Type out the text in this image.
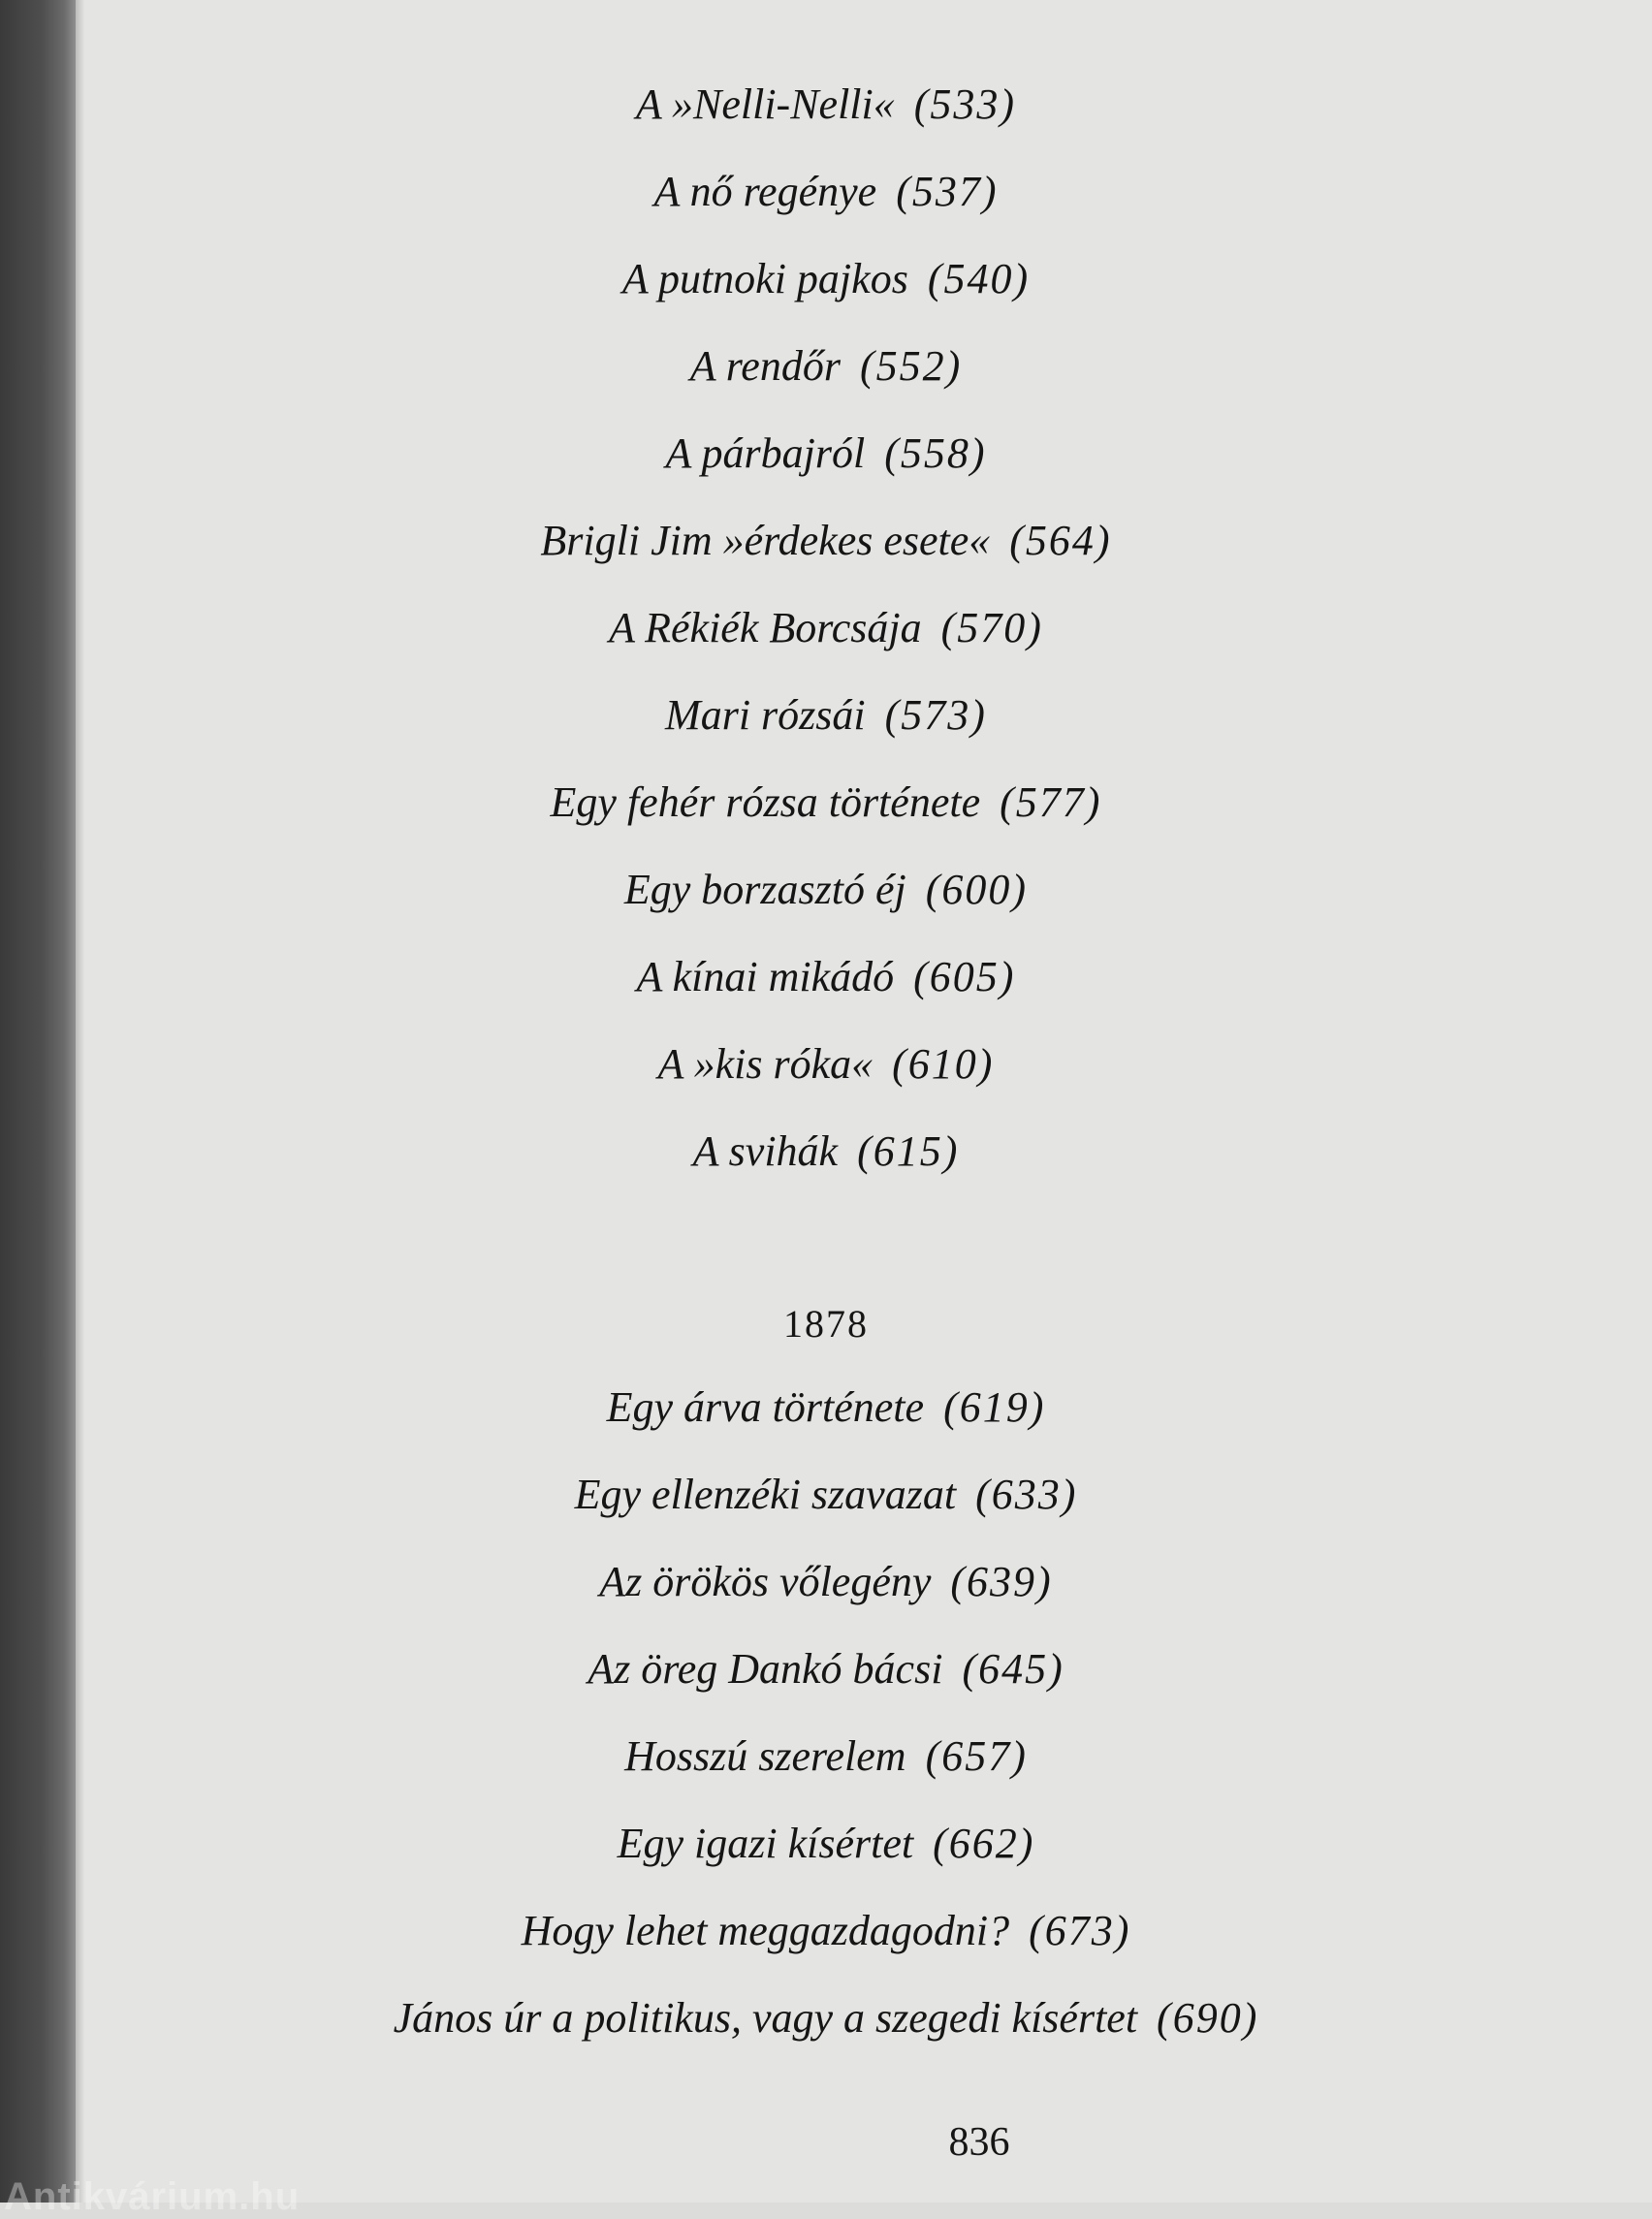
A »Nelli-Nelli« (533)
A nő regénye (537)
A putnoki pajkos (540)
A rendőr (552)
A párbajról (558)
Brigli Jim »érdekes esete« (564)
A Rékiék Borcsája (570)
Mari rózsái (573)
Egy fehér rózsa története (577)
Egy borzasztó éj (600)
A kínai mikádó (605)
A »kis róka« (610)
A svihák (615)
1878
Egy árva története (619)
Egy ellenzéki szavazat (633)
Az örökös vőlegény (639)
Az öreg Dankó bácsi (645)
Hosszú szerelem (657)
Egy igazi kísértet (662)
Hogy lehet meggazdagodni? (673)
János úr a politikus, vagy a szegedi kísértet (690)
836
Antikvárium.hu
